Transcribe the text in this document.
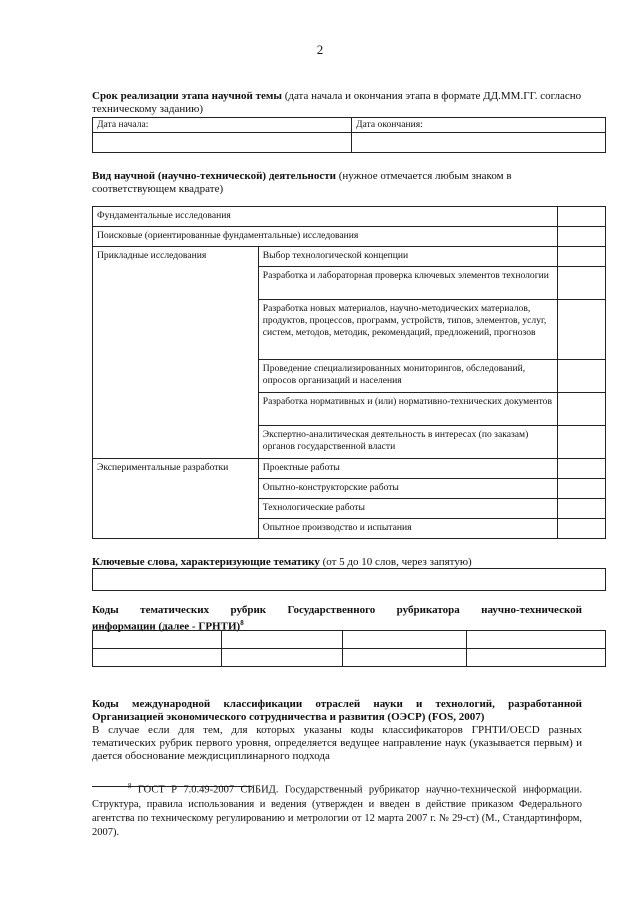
2
Срок реализации этапа научной темы (дата начала и окончания этапа в формате ДД.ММ.ГГ. согласно техническому заданию)
Дата начала:	Дата окончания:

Вид научной (научно-технической) деятельности (нужное отмечается любым знаком в соответствующем квадрате)
Фундаментальные исследования		
Поисковые (ориентированные фундаментальные) исследования		
Прикладные исследования	Выбор технологической концепции	
	Разработка и лабораторная проверка ключевых элементов технологии	
	Разработка новых материалов, научно-методических материалов, продуктов, процессов, программ, устройств, типов, элементов, услуг, систем, методов, методик, рекомендаций, предложений, прогнозов	
	Проведение специализированных мониторингов, обследований, опросов организаций и населения	
	Разработка нормативных и (или) нормативно-технических документов	
	Экспертно-аналитическая деятельность в интересах (по заказам) органов государственной власти	
Экспериментальные разработки	Проектные работы	
	Опытно-конструкторские работы	
	Технологические работы	
	Опытное производство и испытания	
Ключевые слова, характеризующие тематику (от 5 до 10 слов, через запятую)
Коды тематических рубрик Государственного рубрикатора научно-технической
информации (далее - ГРНТИ)$^8$

Коды международной классификации отраслей науки и технологий, разработанной
Организацией экономического сотрудничества и развития (ОЭСР) (FOS, 2007)
В случае если для тем, для которых указаны коды классификаторов ГРНТИ/OECD разных тематических рубрик первого уровня, определяется ведущее направление наук (указывается первым) и дается обоснование междисциплинарного подхода
$^8$ ГОСТ Р 7.0.49-2007 СИБИД. Государственный рубрикатор научно-технической информации. Структура, правила использования и ведения (утвержден и введен в действие приказом Федерального агентства по техническому регулированию и метрологии от 12 марта 2007 г. № 29-ст) (М., Стандартинформ, 2007).
